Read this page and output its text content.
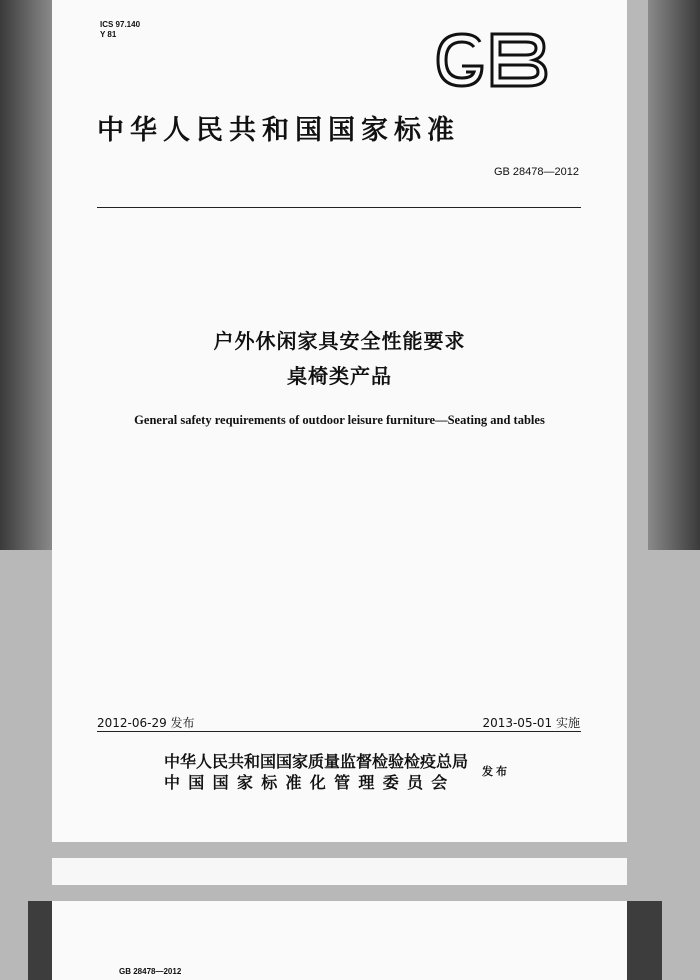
ICS 97.140
Y 81
中华人民共和国国家标准
GB 28478—2012
户外休闲家具安全性能要求
桌椅类产品
General safety requirements of outdoor leisure furniture—Seating and tables
2012-06-29 发布	2013-05-01 实施
中华人民共和国国家质量监督检验检疫总局
中国国家标准化管理委员会
发布
GB 28478—2012
